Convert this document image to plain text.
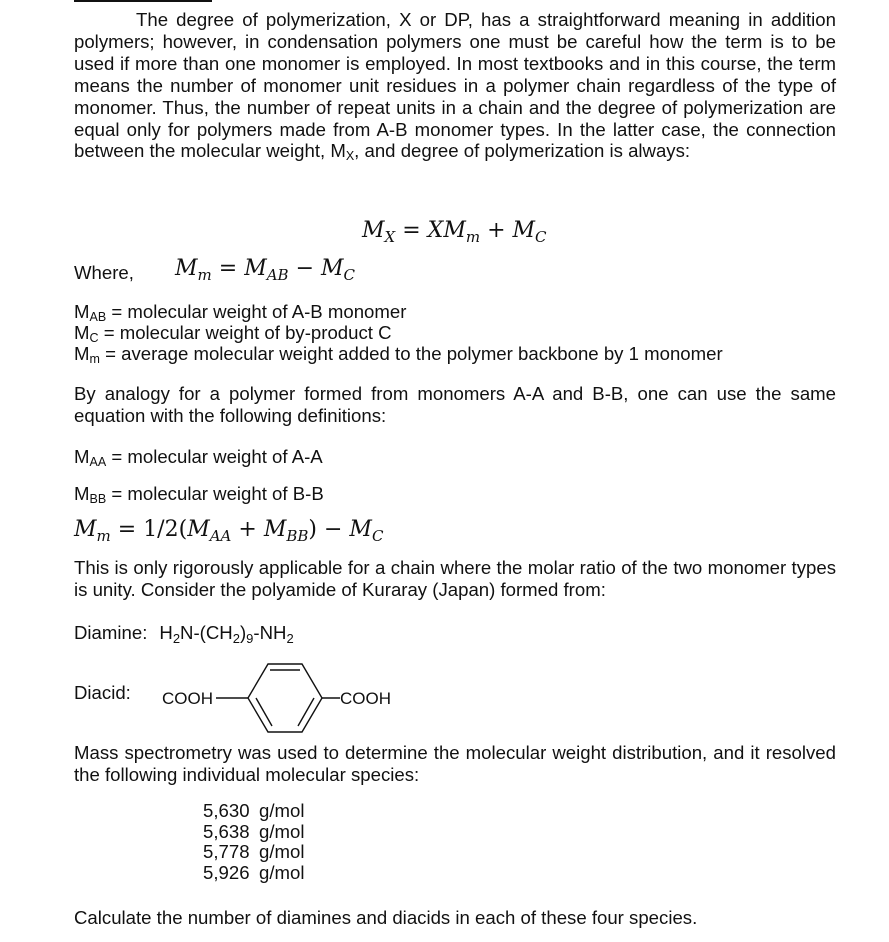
The degree of polymerization, X or DP, has a straightforward meaning in addition polymers; however, in condensation polymers one must be careful how the term is to be used if more than one monomer is employed. In most textbooks and in this course, the term means the number of monomer unit residues in a polymer chain regardless of the type of monomer. Thus, the number of repeat units in a chain and the degree of polymerization are equal only for polymers made from A-B monomer types. In the latter case, the connection between the molecular weight, MX, and degree of polymerization is always:

$M_X = XM_m + M_C$
Where, $M_m = M_{AB} - M_C$
MAB = molecular weight of A-B monomer
MC = molecular weight of by-product C
Mm = average molecular weight added to the polymer backbone by 1 monomer

By analogy for a polymer formed from monomers A-A and B-B, one can use the same equation with the following definitions:

MAA = molecular weight of A-A
MBB = molecular weight of B-B
$M_m = 1/2(M_{AA} + M_{BB}) - M_C$

This is only rigorously applicable for a chain where the molar ratio of the two monomer types is unity. Consider the polyamide of Kuraray (Japan) formed from:

Diamine: $H_2N-(CH_2)_9-NH_2$
Diacid: COOH	COOH

Mass spectrometry was used to determine the molecular weight distribution, and it resolved the following individual molecular species:

5,630 g/mol
5,638 g/mol
5,778 g/mol
5,926 g/mol
Calculate the number of diamines and diacids in each of these four species.
